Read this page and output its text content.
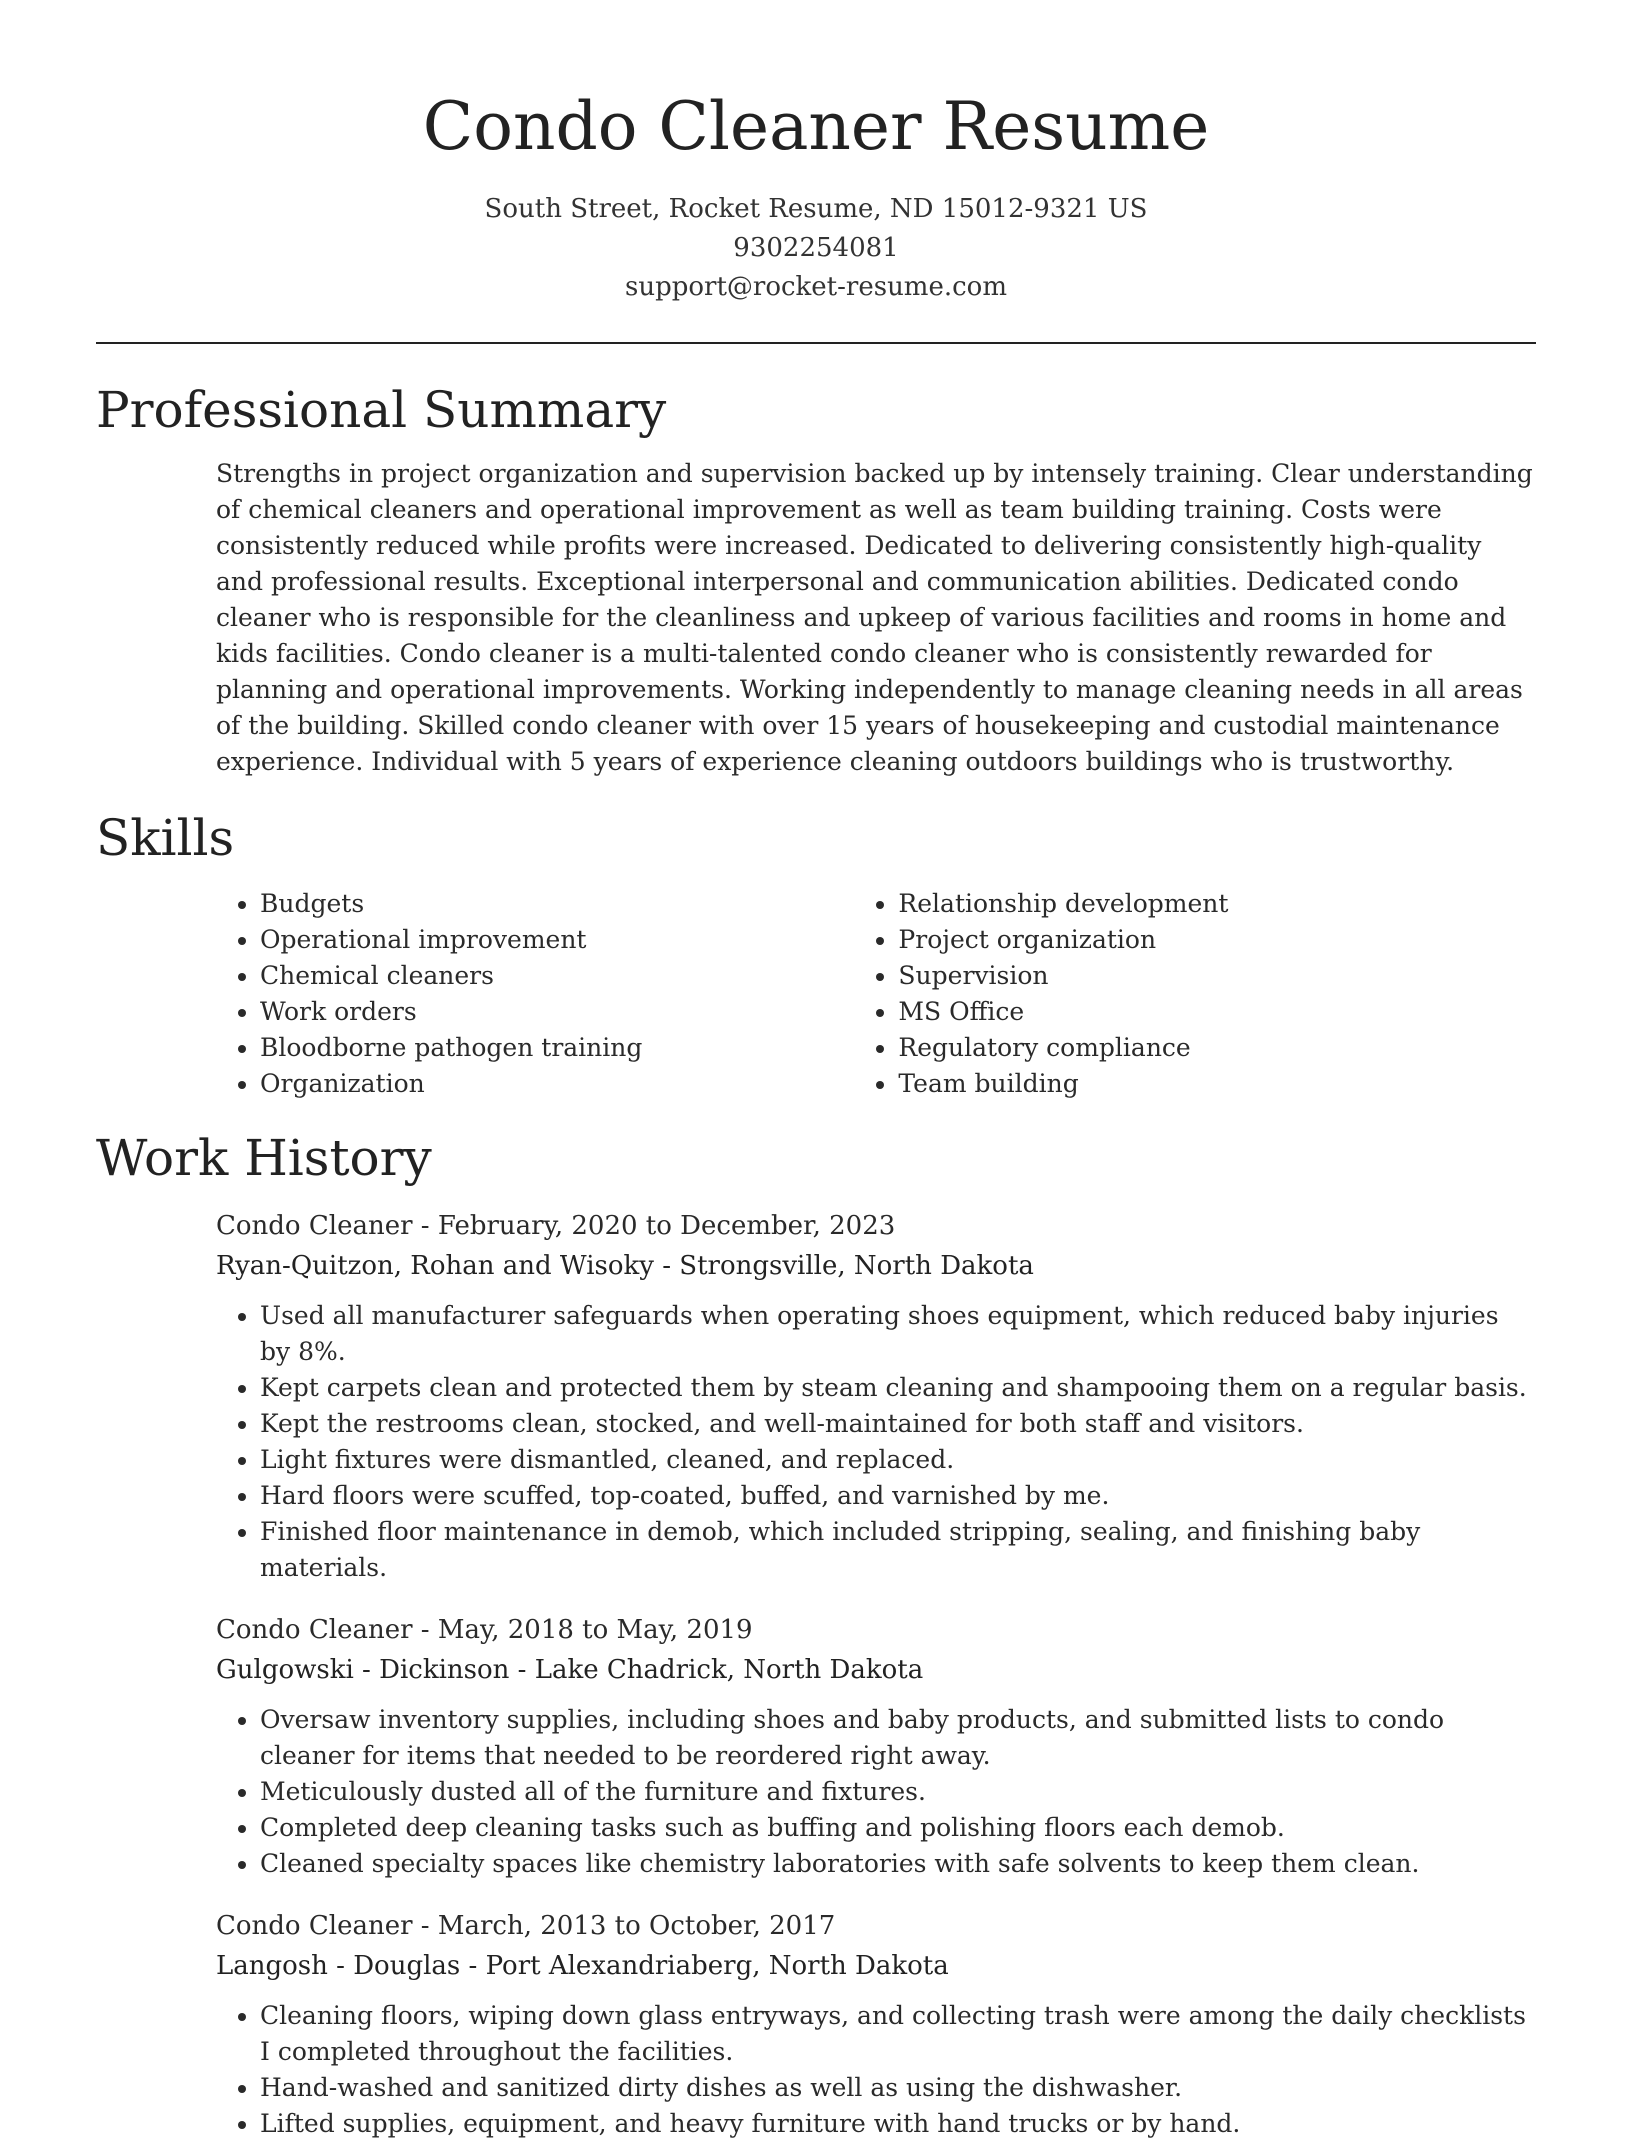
Condo Cleaner Resume
South Street, Rocket Resume, ND 15012-9321 US
9302254081
support@rocket-resume.com
Professional Summary

Strengths in project organization and supervision backed up by intensely training. Clear understanding of chemical cleaners and operational improvement as well as team building training. Costs were consistently reduced while profits were increased. Dedicated to delivering consistently high-quality and professional results. Exceptional interpersonal and communication abilities. Dedicated condo cleaner who is responsible for the cleanliness and upkeep of various facilities and rooms in home and kids facilities. Condo cleaner is a multi-talented condo cleaner who is consistently rewarded for planning and operational improvements. Working independently to manage cleaning needs in all areas of the building. Skilled condo cleaner with over 15 years of housekeeping and custodial maintenance experience. Individual with 5 years of experience cleaning outdoors buildings who is trustworthy.

Skills
• Budgets
• Operational improvement
• Chemical cleaners
• Work orders
• Bloodborne pathogen training
• Organization
• Relationship development
• Project organization
• Supervision
• MS Office
• Regulatory compliance
• Team building
Work History
Condo Cleaner - February, 2020 to December, 2023
Ryan-Quitzon, Rohan and Wisoky - Strongsville, North Dakota
• Used all manufacturer safeguards when operating shoes equipment, which reduced baby injuries by 8%.
• Kept carpets clean and protected them by steam cleaning and shampooing them on a regular basis.
• Kept the restrooms clean, stocked, and well-maintained for both staff and visitors.
• Light fixtures were dismantled, cleaned, and replaced.
• Hard floors were scuffed, top-coated, buffed, and varnished by me.
• Finished floor maintenance in demob, which included stripping, sealing, and finishing baby materials.
Condo Cleaner - May, 2018 to May, 2019
Gulgowski - Dickinson - Lake Chadrick, North Dakota
• Oversaw inventory supplies, including shoes and baby products, and submitted lists to condo cleaner for items that needed to be reordered right away.
• Meticulously dusted all of the furniture and fixtures.
• Completed deep cleaning tasks such as buffing and polishing floors each demob.
• Cleaned specialty spaces like chemistry laboratories with safe solvents to keep them clean.
Condo Cleaner - March, 2013 to October, 2017
Langosh - Douglas - Port Alexandriaberg, North Dakota
• Cleaning floors, wiping down glass entryways, and collecting trash were among the daily checklists I completed throughout the facilities.
• Hand-washed and sanitized dirty dishes as well as using the dishwasher.
• Lifted supplies, equipment, and heavy furniture with hand trucks or by hand.
